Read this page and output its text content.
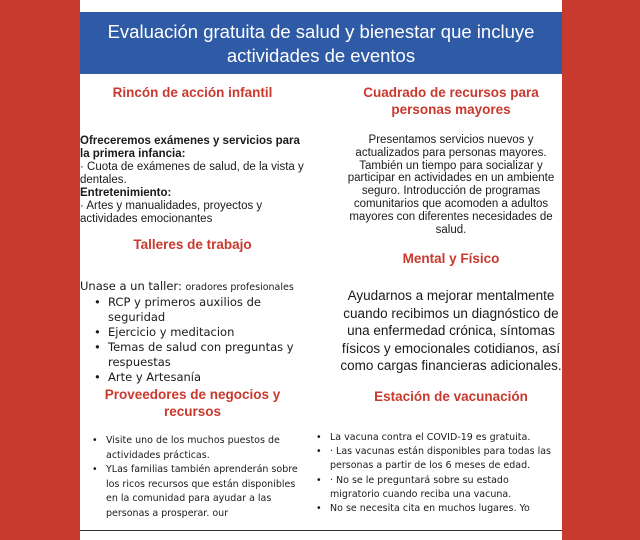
Evaluación gratuita de salud y bienestar que incluye
actividades de eventos
Rincón de acción infantil
Ofreceremos exámenes y servicios para
la primera infancia:
· Cuota de exámenes de salud, de la vista y
dentales.
Entretenimiento:
· Artes y manualidades, proyectos y
actividades emocionantes
Talleres de trabajo
Unase a un taller: oradores profesionales
• RCP y primeros auxilios de seguridad
• Ejercicio y meditacion
• Temas de salud con preguntas y
respuestas
• Arte y Artesanía
Proveedores de negocios y
recursos
• Visite uno de los muchos puestos de
actividades prácticas.
• YLas familias también aprenderán sobre
los ricos recursos que están disponibles
en la comunidad para ayudar a las
personas a prosperar. our
Cuadrado de recursos para
personas mayores
Presentamos servicios nuevos y
actualizados para personas mayores.
También un tiempo para socializar y
participar en actividades en un ambiente
seguro. Introducción de programas
comunitarios que acomoden a adultos
mayores con diferentes necesidades de
salud.
Mental y Físico
Ayudarnos a mejorar mentalmente
cuando recibimos un diagnóstico de
una enfermedad crónica, síntomas
físicos y emocionales cotidianos, así
como cargas financieras adicionales.
Estación de vacunación
• La vacuna contra el COVID-19 es gratuita.
• · Las vacunas están disponibles para todas las
personas a partir de los 6 meses de edad.
• · No se le preguntará sobre su estado
migratorio cuando reciba una vacuna.
• No se necesita cita en muchos lugares. Yo
